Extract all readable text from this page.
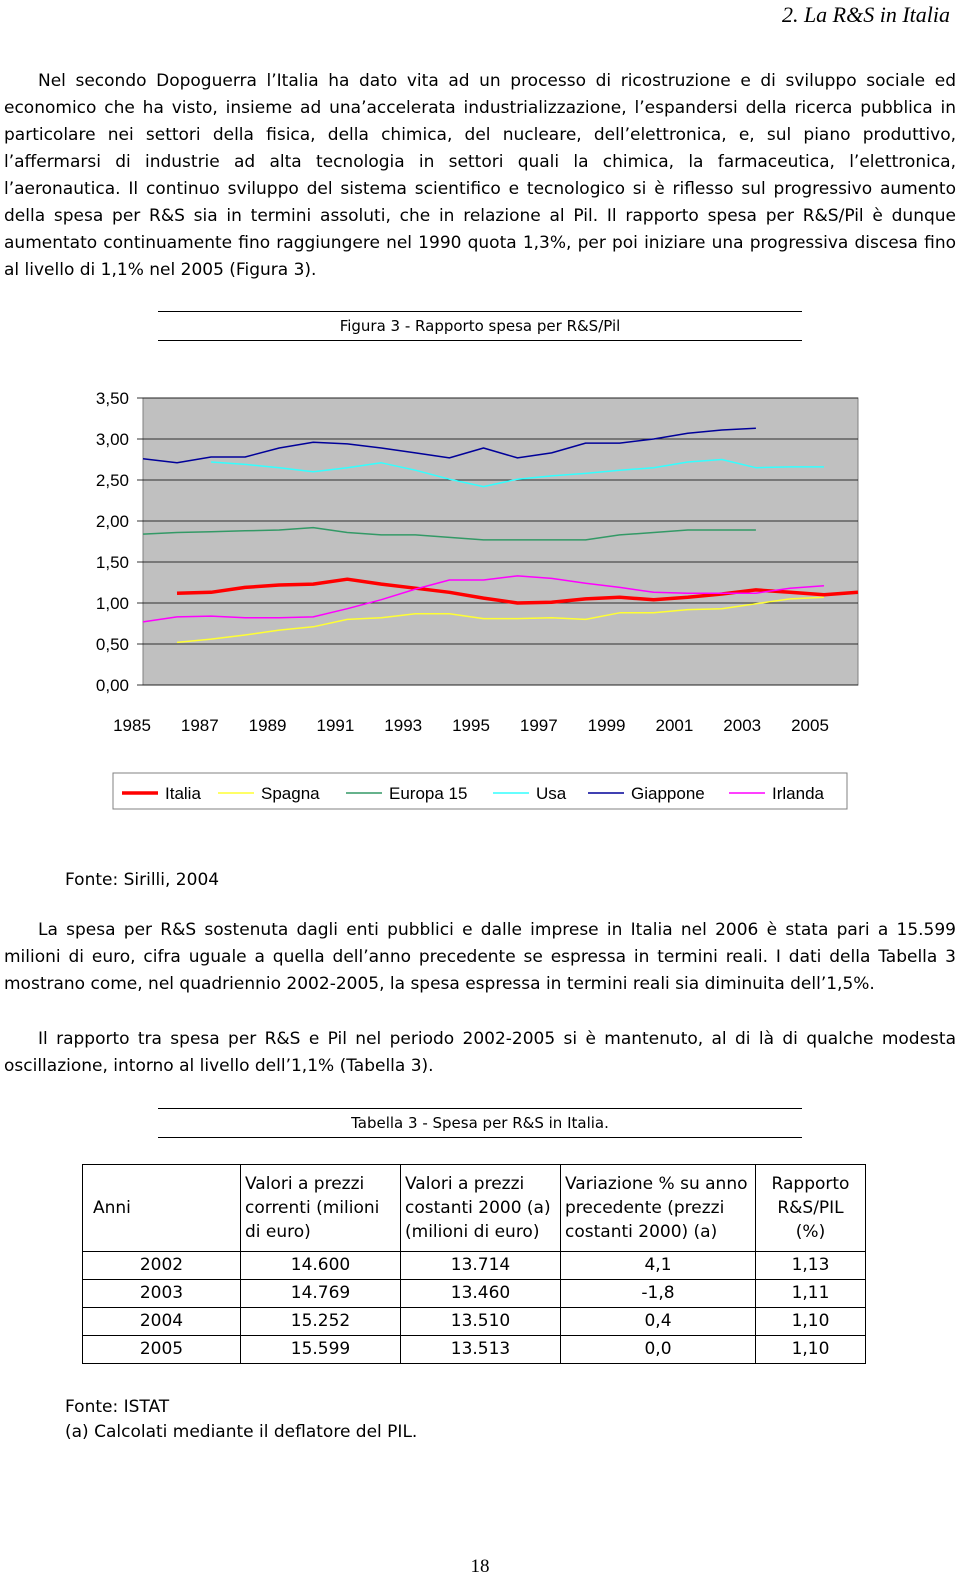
2. La R&S in Italia

Nel secondo Dopoguerra l’Italia ha dato vita ad un processo di ricostruzione e di sviluppo sociale ed economico che ha visto, insieme ad una’accelerata industrializzazione, l’espandersi della ricerca pubblica in particolare nei settori della fisica, della chimica, del nucleare, dell’elettronica, e, sul piano produttivo, l’affermarsi di industrie ad alta tecnologia in settori quali la chimica, la farmaceutica, l’elettronica, l’aeronautica. Il continuo sviluppo del sistema scientifico e tecnologico si è riflesso sul progressivo aumento della spesa per R&S sia in termini assoluti, che in relazione al Pil. Il rapporto spesa per R&S/Pil è dunque aumentato continuamente fino raggiungere nel 1990 quota 1,3%, per poi iniziare una progressiva discesa fino al livello di 1,1% nel 2005 (Figura 3).

Figura 3 - Rapporto spesa per R&S/Pil
0,00
0,50
1,00
1,50
2,00
2,50
3,00
3,50
1985 1987 1989 1991 1993 1995 1997 1999 2001 2003 2005
Italia	Spagna	Europa 15	Usa	Giappone	Irlanda
Fonte: Sirilli, 2004

La spesa per R&S sostenuta dagli enti pubblici e dalle imprese in Italia nel 2006 è stata pari a 15.599 milioni di euro, cifra uguale a quella dell’anno precedente se espressa in termini reali. I dati della Tabella 3 mostrano come, nel quadriennio 2002-2005, la spesa espressa in termini reali sia diminuita dell’1,5%.

Il rapporto tra spesa per R&S e Pil nel periodo 2002-2005 si è mantenuto, al di là di qualche modesta oscillazione, intorno al livello dell’1,1% (Tabella 3).

Tabella 3 - Spesa per R&S in Italia.
Anni	Valori a prezzi correnti (milioni di euro)	Valori a prezzi costanti 2000 (a) (milioni di euro)	Variazione % su anno precedente (prezzi costanti 2000) (a)	Rapporto R&S/PIL (%)
2002	14.600	13.714	4,1	1,13
2003	14.769	13.460	-1,8	1,11
2004	15.252	13.510	0,4	1,10
2005	15.599	13.513	0,0	1,10
Fonte: ISTAT
(a) Calcolati mediante il deflatore del PIL.
18
